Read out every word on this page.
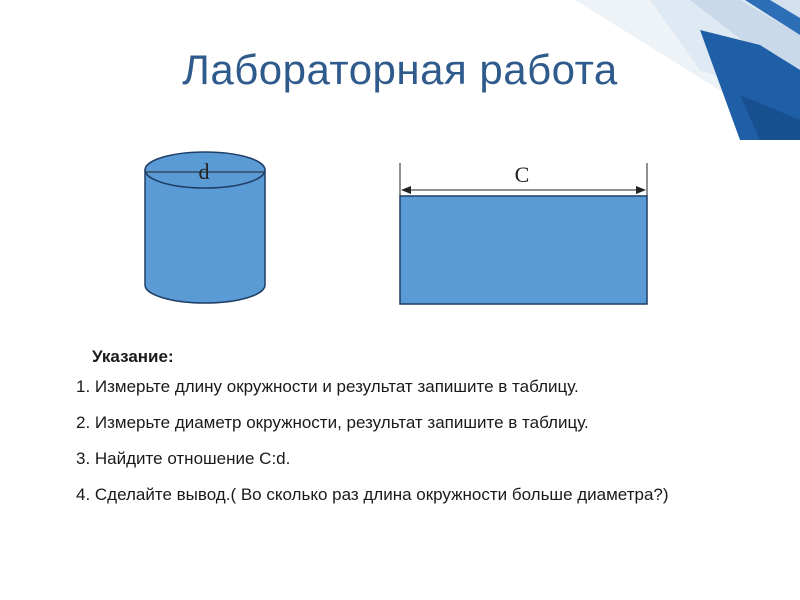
Лабораторная работа
d	C
Указание:
1. Измерьте длину окружности и результат запишите в таблицу.
2. Измерьте диаметр окружности, результат запишите в таблицу.
3. Найдите отношение C:d.
4. Сделайте вывод.( Во сколько раз длина окружности больше диаметра?)
